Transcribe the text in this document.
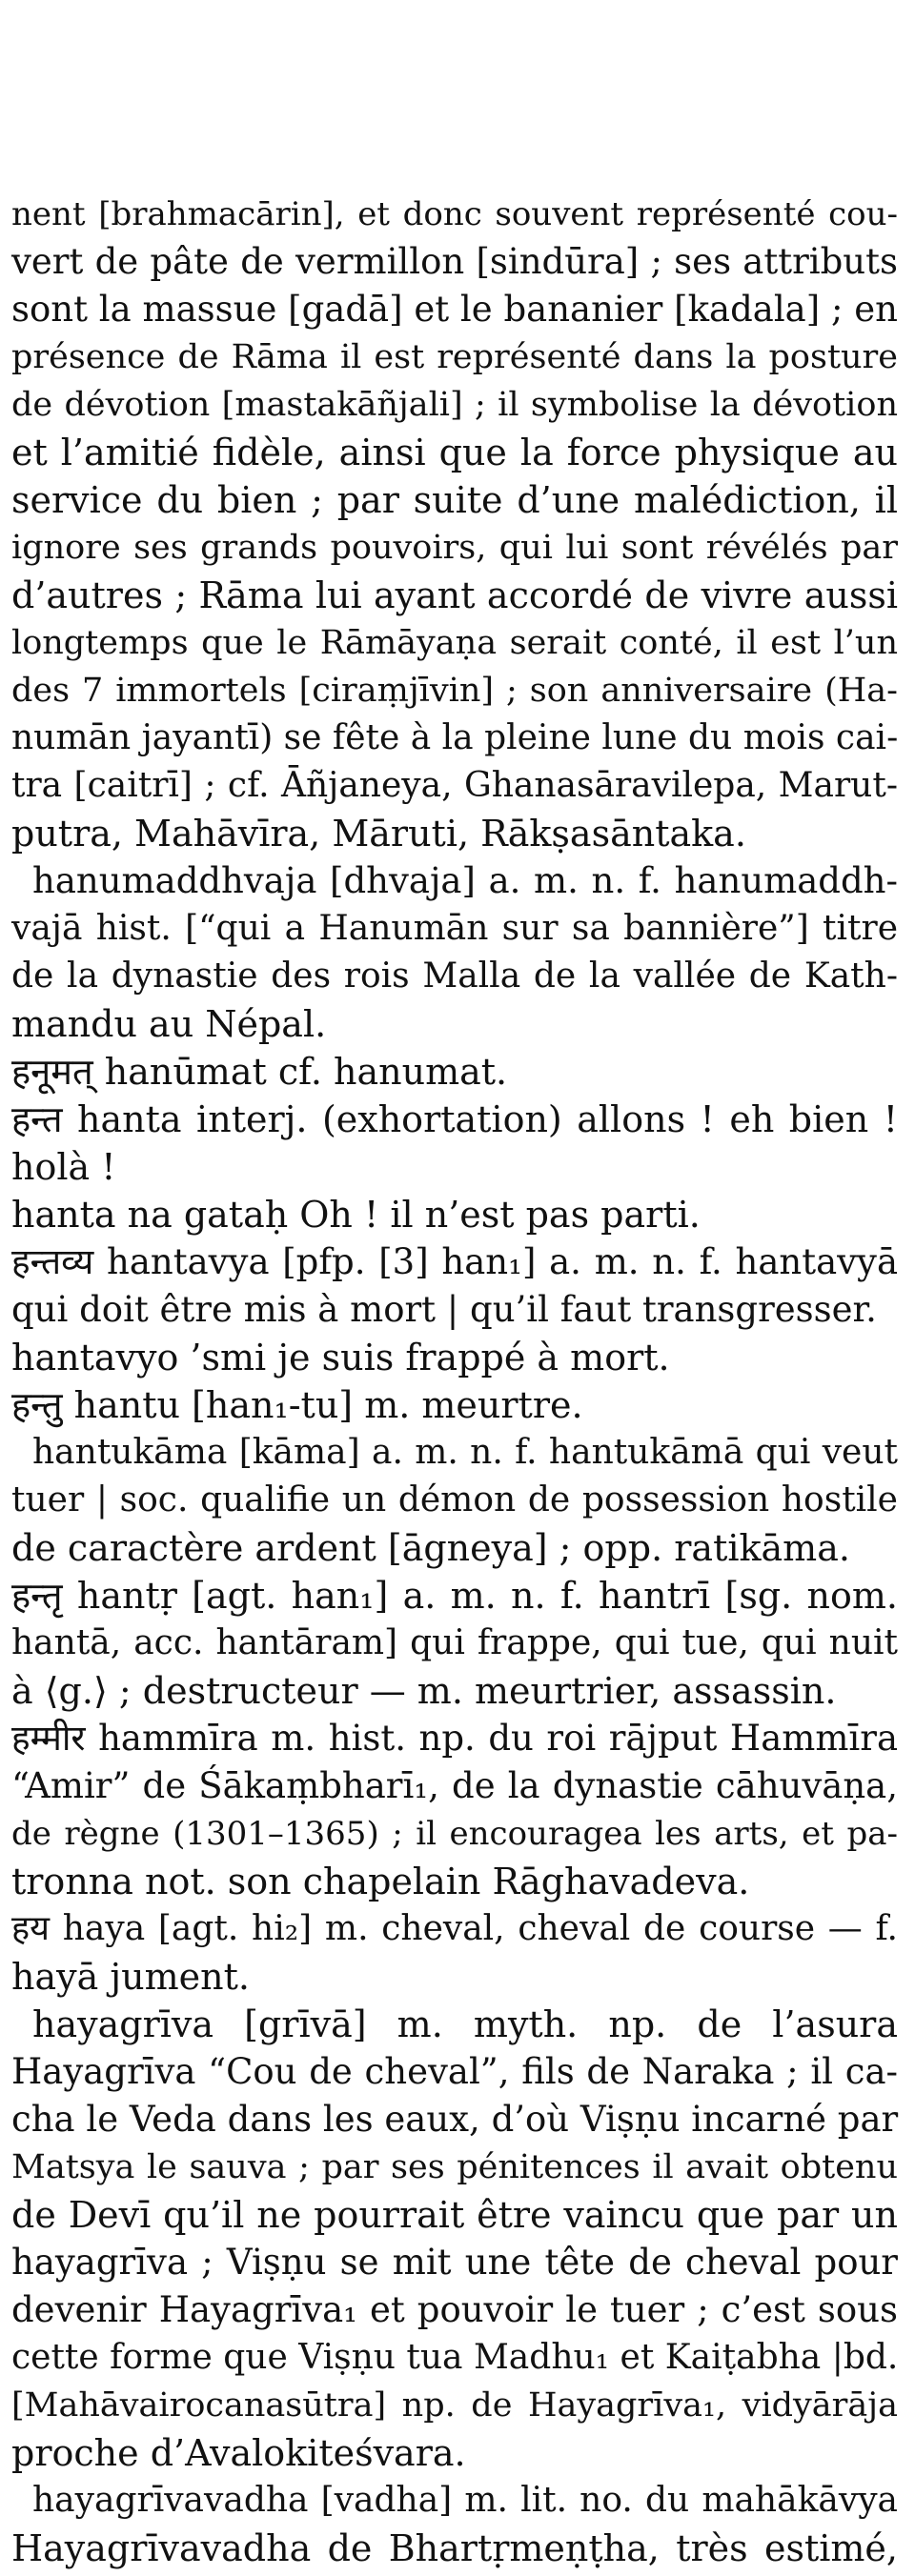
nent [brahmacārin], et donc souvent représenté cou-
vert de pâte de vermillon [sindūra] ; ses attributs
sont la massue [gadā] et le bananier [kadala] ; en
présence de Rāma il est représenté dans la posture
de dévotion [mastakāñjali] ; il symbolise la dévotion
et l’amitié fidèle, ainsi que la force physique au
service du bien ; par suite d’une malédiction, il
ignore ses grands pouvoirs, qui lui sont révélés par
d’autres ; Rāma lui ayant accordé de vivre aussi
longtemps que le Rāmāyaṇa serait conté, il est l’un
des 7 immortels [ciraṃjīvin] ; son anniversaire (Ha-
numān jayantī) se fête à la pleine lune du mois cai-
tra [caitrī] ; cf. Āñjaneya, Ghanasāravilepa, Marut-
putra, Mahāvīra, Māruti, Rākṣasāntaka.
hanumaddhvaja [dhvaja] a. m. n. f. hanumaddh-
vajā hist. [“qui a Hanumān sur sa bannière”] titre
de la dynastie des rois Malla de la vallée de Kath-
mandu au Népal.
हनूमत् hanūmat cf. hanumat.
हन्त hanta interj. (exhortation) allons ! eh bien !
holà !
hanta na gataḥ Oh ! il n’est pas parti.
हन्तव्य hantavya [pfp. [3] han₁] a. m. n. f. hantavyā
qui doit être mis à mort | qu’il faut transgresser.
hantavyo ’smi je suis frappé à mort.
हन्तु hantu [han₁-tu] m. meurtre.
hantukāma [kāma] a. m. n. f. hantukāmā qui veut
tuer | soc. qualifie un démon de possession hostile
de caractère ardent [āgneya] ; opp. ratikāma.
हन्तृ hantṛ [agt. han₁] a. m. n. f. hantrī [sg. nom.
hantā, acc. hantāram] qui frappe, qui tue, qui nuit
à ⟨g.⟩ ; destructeur — m. meurtrier, assassin.
हम्मीर hammīra m. hist. np. du roi rājput Hammīra
“Amir” de Śākaṃbharī₁, de la dynastie cāhuvāṇa,
de règne (1301–1365) ; il encouragea les arts, et pa-
tronna not. son chapelain Rāghavadeva.
हय haya [agt. hi₂] m. cheval, cheval de course — f.
hayā jument.
hayagrīva [grīvā] m. myth. np. de l’asura
Hayagrīva “Cou de cheval”, fils de Naraka ; il ca-
cha le Veda dans les eaux, d’où Viṣṇu incarné par
Matsya le sauva ; par ses pénitences il avait obtenu
de Devī qu’il ne pourrait être vaincu que par un
hayagrīva ; Viṣṇu se mit une tête de cheval pour
devenir Hayagrīva₁ et pouvoir le tuer ; c’est sous
cette forme que Viṣṇu tua Madhu₁ et Kaiṭabha |bd.
[Mahāvairocanasūtra] np. de Hayagrīva₁, vidyārāja
proche d’Avalokiteśvara.
hayagrīvavadha [vadha] m. lit. no. du mahākāvya
Hayagrīvavadha de Bhartṛmeṇṭha, très estimé,
